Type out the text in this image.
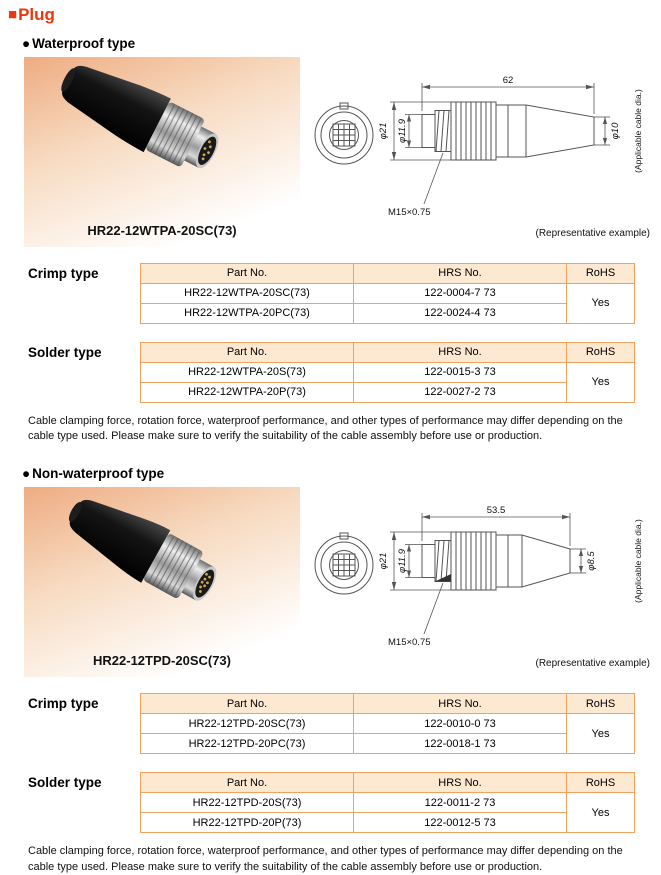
■ Plug
● Waterproof type
HR22-12WTPA-20SC(73)
62
φ21 φ11.9	φ10
M15×0.75
(Applicable cable dia.)
(Representative example)
Crimp type	Part No.	HRS No.	RoHS
HR22-12WTPA-20SC(73)	122-0004-7 73	Yes
HR22-12WTPA-20PC(73)	122-0024-4 73	
Solder type	Part No.	HRS No.	RoHS
HR22-12WTPA-20S(73)	122-0015-3 73	Yes
HR22-12WTPA-20P(73)	122-0027-2 73	

Cable clamping force, rotation force, waterproof performance, and other types of performance may differ depending on the cable type used. Please make sure to verify the suitability of the cable assembly before use or production.

● Non-waterproof type
HR22-12TPD-20SC(73)
53.5
φ21 φ11.9	φ8.5
M15×0.75
(Applicable cable dia.)
(Representative example)
Crimp type	Part No.	HRS No.	RoHS
HR22-12TPD-20SC(73)	122-0010-0 73	Yes
HR22-12TPD-20PC(73)	122-0018-1 73	
Solder type	Part No.	HRS No.	RoHS
HR22-12TPD-20S(73)	122-0011-2 73	Yes
HR22-12TPD-20P(73)	122-0012-5 73	

Cable clamping force, rotation force, waterproof performance, and other types of performance may differ depending on the cable type used. Please make sure to verify the suitability of the cable assembly before use or production.
